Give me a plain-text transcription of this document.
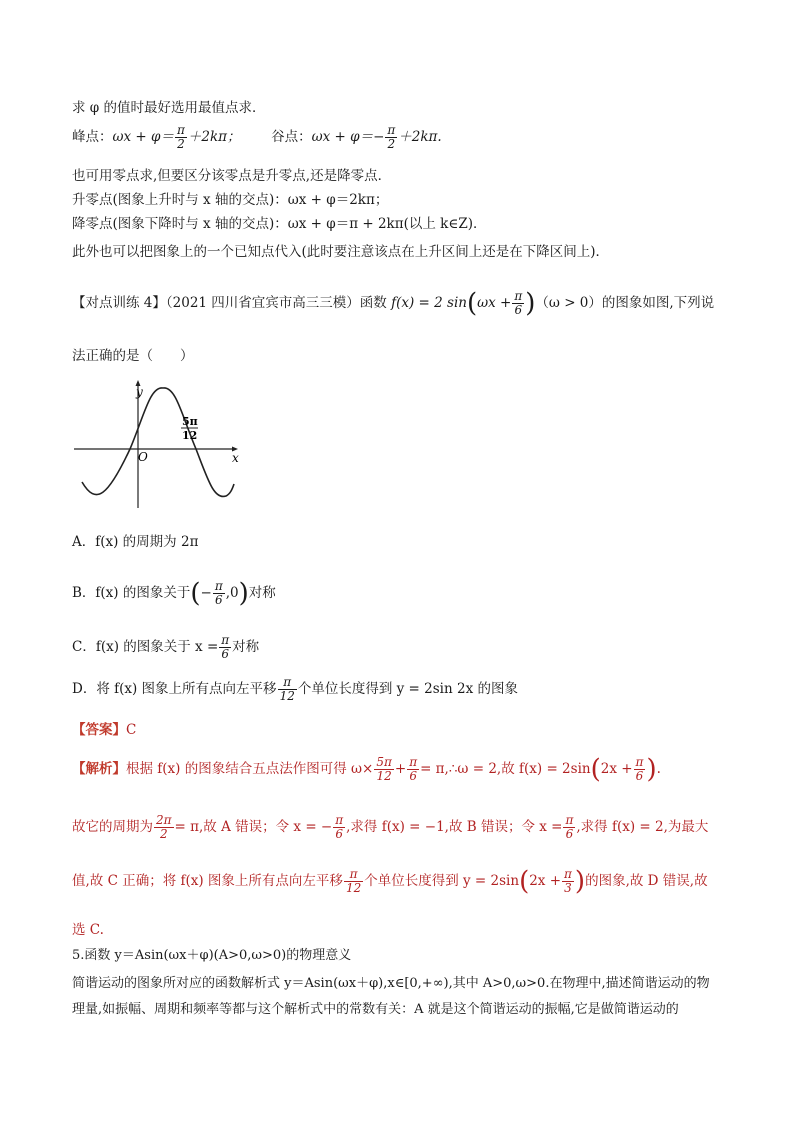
求 φ 的值时最好选用最值点求．
峰点：$\omega x + \varphi= \frac{\pi}{2} +2k\pi$； 谷点：$\omega x + \varphi=- \frac{\pi}{2} +2k\pi$.
也可用零点求,但要区分该零点是升零点,还是降零点．
升零点(图象上升时与 x 轴的交点)：ωx + φ＝2kπ；
降零点(图象下降时与 x 轴的交点)：ωx + φ＝π + 2kπ(以上 k∈Z)．
此外也可以把图象上的一个已知点代入(此时要注意该点在上升区间上还是在下降区间上)．
【对点训练 4】（2021 四川省宜宾市高三三模）函数 f(x) = 2 $\sin(\omega x + \frac{\pi}{6} )(\omega > 0)$的图象如图,下列说
法正确的是（　　）
y
x
O
5π
12
A．f(x) 的周期为 2π
B．f(x) 的图象关于(− $\frac{\pi}{6} ,0$)对称
C．f(x) 的图象关于 $x = \frac{\pi}{6}$ 对称
D．将 f(x) 图象上所有点向左平移 $\frac{\pi}{12}$ 个单位长度得到 y = 2sin 2x 的图象
【答案】C
【解析】根据 f(x) 的图象结合五点法作图可得 $\omega\times \frac{5\pi}{12} + \frac{\pi}{6}$ = π,∴ω = 2,故 $f(x) = 2\sin(2x + \frac{\pi}{6}$ ).
故它的周期为 $\frac{2\pi}{2} = \pi$,故 A 错误；令 x = − $\frac{\pi}{6}$ ,求得 f(x) = −1,故 B 错误；令 $x = \frac{\pi}{6}$ ,求得 f(x) = 2,为最大
值,故 C 正确；将 f(x) 图象上所有点向左平移 $\frac{\pi}{12}$ 个单位长度得到 $y = 2\sin(2x + \frac{\pi}{3}$ )的图象,故 D 错误,故
选 C.
5.函数 y＝Asin(ωx＋φ)(A>0,ω>0)的物理意义
简谐运动的图象所对应的函数解析式 y＝Asin(ωx＋φ),x∈[0,+∞),其中 A>0,ω>0.在物理中,描述简谐运动的物
理量,如振幅、周期和频率等都与这个解析式中的常数有关：A 就是这个简谐运动的振幅,它是做简谐运动的
